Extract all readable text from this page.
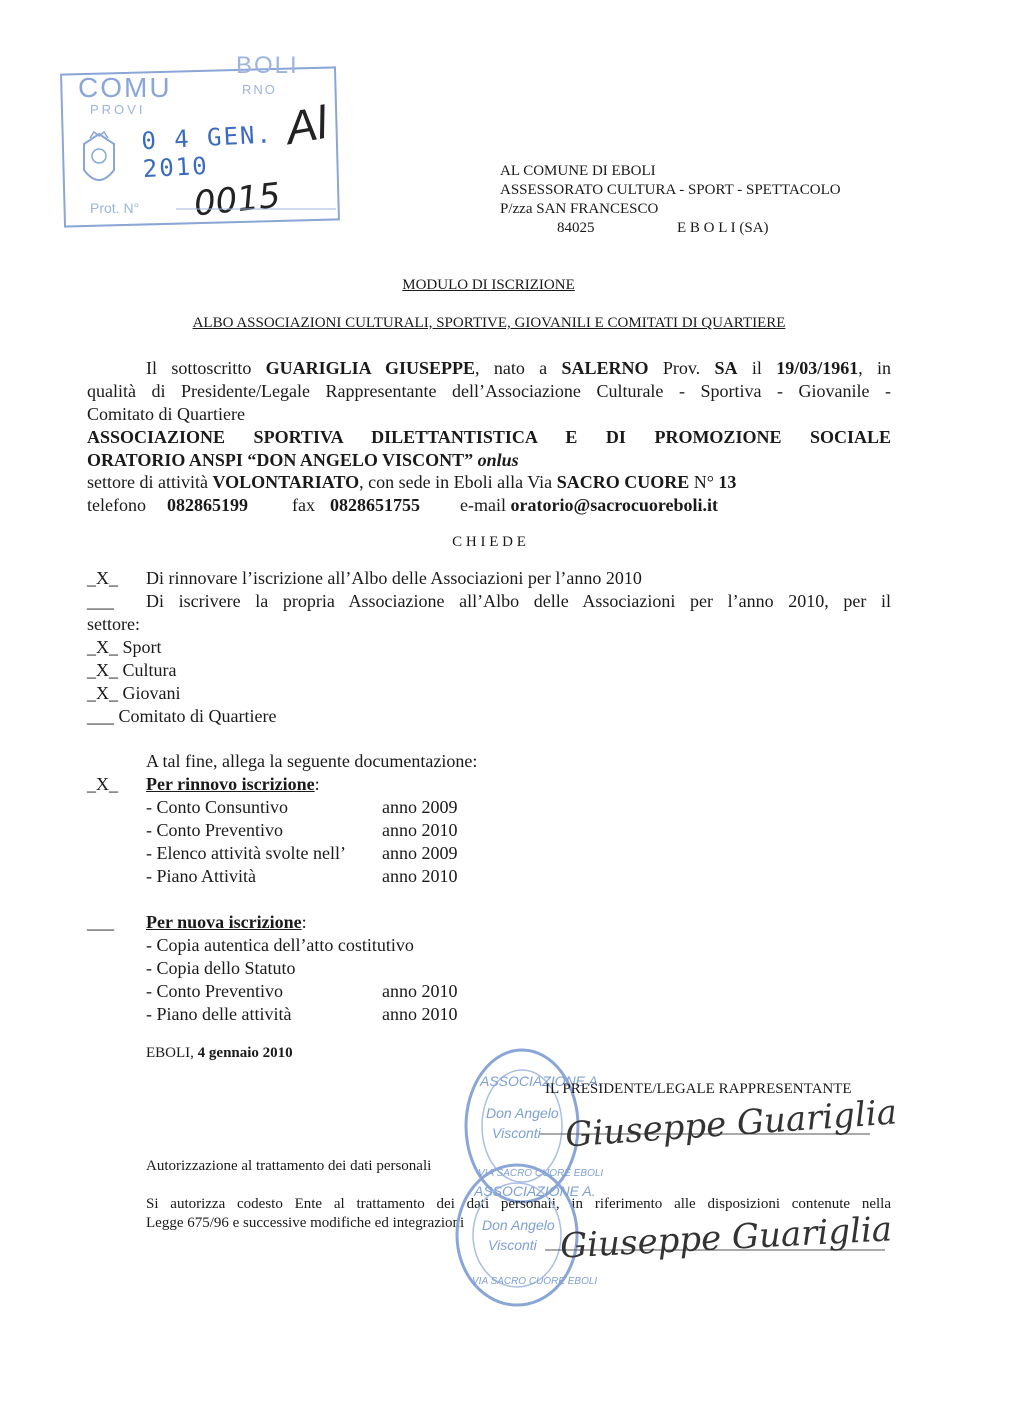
COMU
PROVI
BOLI
RNO
0 4 GEN. 2010
Al
Prot. N° 0015
AL COMUNE DI EBOLI
ASSESSORATO CULTURA - SPORT - SPETTACOLO
P/zza SAN FRANCESCO
84025	E B O L I (SA)
MODULO DI ISCRIZIONE
ALBO ASSOCIAZIONI CULTURALI, SPORTIVE, GIOVANILI E COMITATI DI QUARTIERE
Il sottoscritto GUARIGLIA GIUSEPPE, nato a SALERNO Prov. SA il 19/03/1961, in
qualità di Presidente/Legale Rappresentante dell’Associazione Culturale - Sportiva - Giovanile -
Comitato di Quartiere
ASSOCIAZIONE SPORTIVA DILETTANTISTICA E DI PROMOZIONE SOCIALE
ORATORIO ANSPI “DON ANGELO VISCONT” onlus
settore di attività VOLONTARIATO, con sede in Eboli alla Via SACRO CUORE N° 13
telefono 082865199 fax 0828651755 e-mail oratorio@sacrocuoreboli.it
C H I E D E
_X_ Di rinnovare l’iscrizione all’Albo delle Associazioni per l’anno 2010
___ Di iscrivere la propria Associazione all’Albo delle Associazioni per l’anno 2010, per il
settore:
_X_ Sport
_X_ Cultura
_X_ Giovani
___ Comitato di Quartiere
A tal fine, allega la seguente documentazione:
_X_ Per rinnovo iscrizione:
- Conto Consuntivo	anno 2009
- Conto Preventivo	anno 2010
- Elenco attività svolte nell’ anno 2009
- Piano Attività	anno 2010
___ Per nuova iscrizione:
- Copia autentica dell’atto costitutivo
- Copia dello Statuto
- Conto Preventivo	anno 2010
- Piano delle attività	anno 2010
EBOLI, 4 gennaio 2010
ASSOCIAZIONE A.
Don Angelo
Visconti
VIA SACRO CUORE EBOLI
IL PRESIDENTE/LEGALE RAPPRESENTANTE
Giuseppe Guariglia
Autorizzazione al trattamento dei dati personali
Si autorizza codesto Ente al trattamento dei dati personali, in riferimento alle disposizioni contenute nella
Legge 675/96 e successive modifiche ed integrazioni
ASSOCIAZIONE A.
Don Angelo
Visconti
VIA SACRO CUORE EBOLI
Giuseppe Guariglia
